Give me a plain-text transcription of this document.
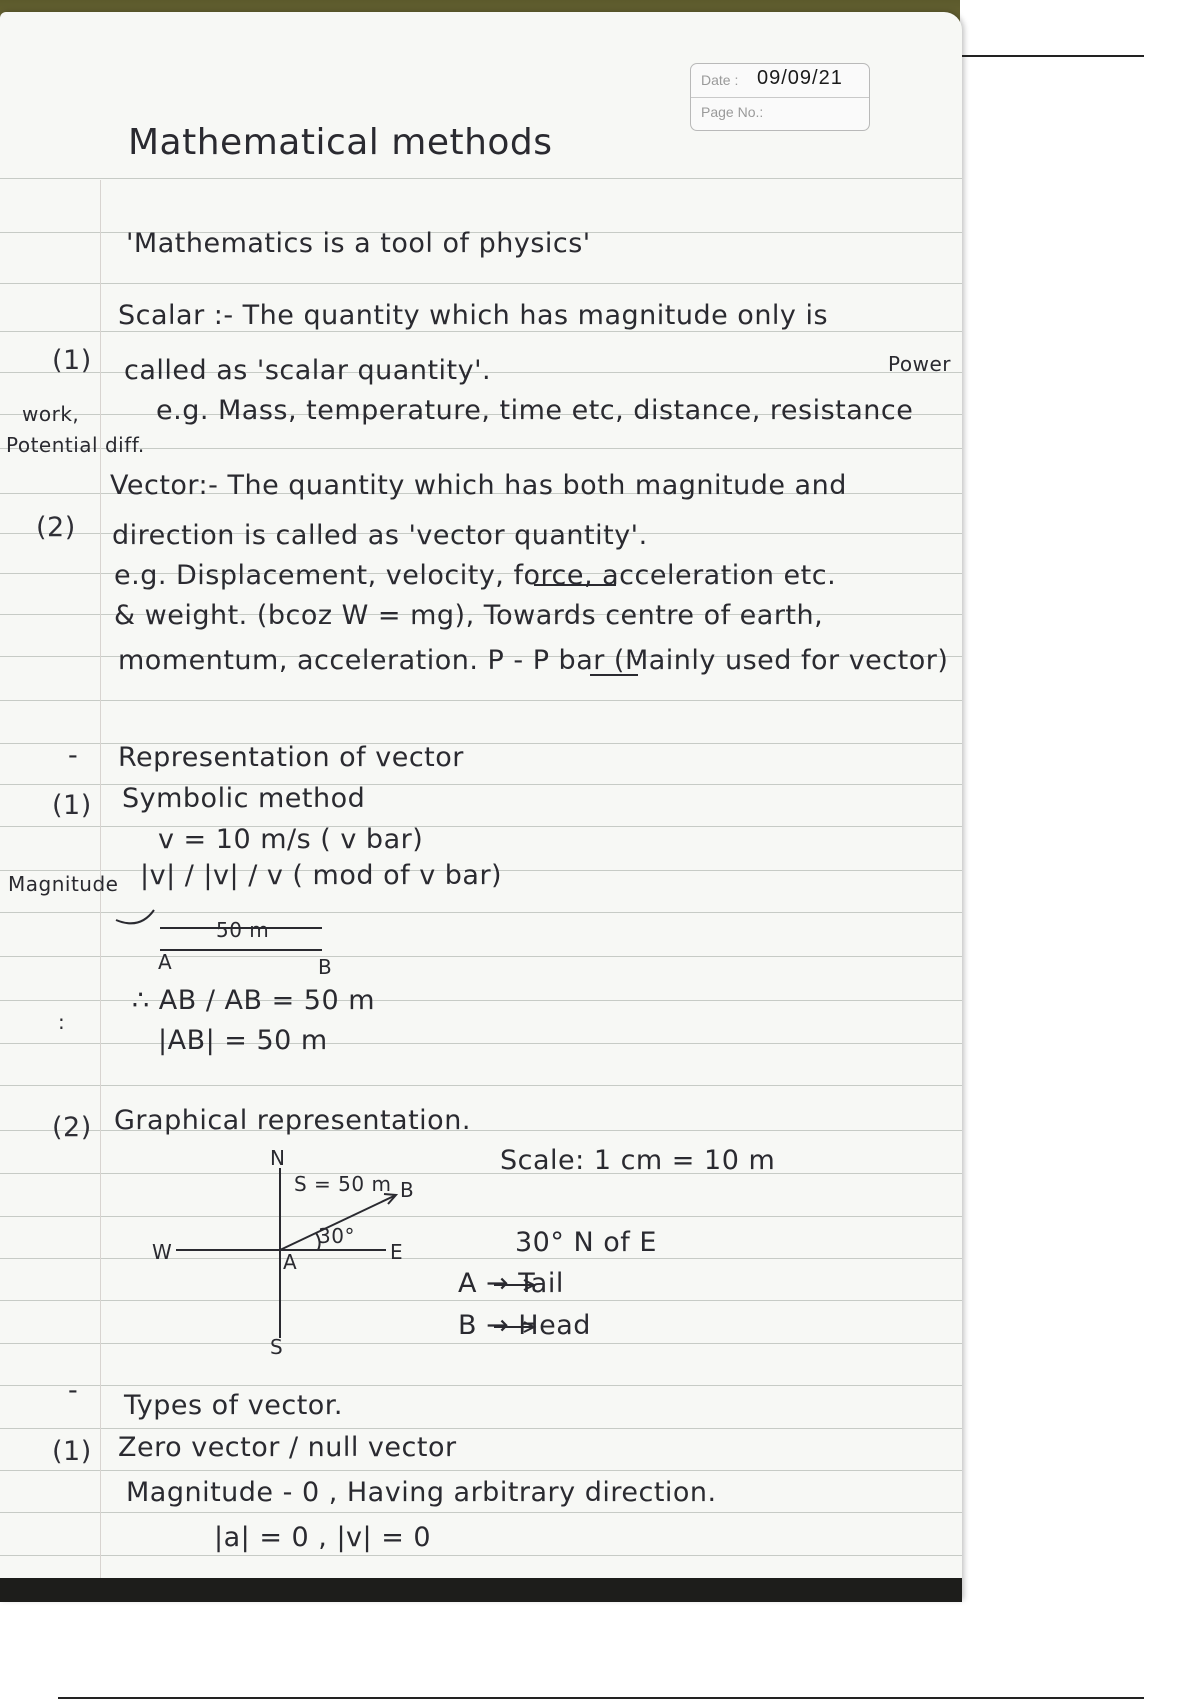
Date : 09/09/21
Page No.:
Mathematical methods
'Mathematics is a tool of physics'
(1)
Scalar :- The quantity which has magnitude only is
called as 'scalar quantity'.	Power
work,
Potential diff.
e.g. Mass, temperature, time etc, distance, resistance
(2)
Vector:- The quantity which has both magnitude and
direction is called as 'vector quantity'.
e.g. Displacement, velocity, force, acceleration etc.
& weight. (bcoz W = mg), Towards centre of earth,
momentum, acceleration. P - P bar (Mainly used for vector)
- Representation of vector
(1) Symbolic method
v = 10 m/s ( v bar)
Magnitude |v| / |v| / v ( mod of v bar)
50 m
A	B
:
∴ AB / AB = 50 m
|AB| = 50 m
(2) Graphical representation.
N
S
W	E
A
B
S = 50 m
30°
Scale: 1 cm = 10 m
30° N of E
A → Tail
B → Head
- Types of vector.
(1) Zero vector / null vector
Magnitude - 0 , Having arbitrary direction.
|a| = 0 , |v| = 0
